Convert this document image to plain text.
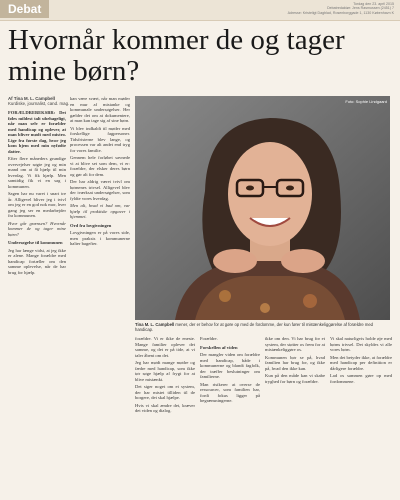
Debat	Tordag den 23. april 2015
Debatredaktør: Jens Rasmussen (2451) 7
Adresse: Kristeligt Dagblad, Rosenborggade 1, 1130 København K
Hvornår kommer de og tager mine børn?
Af Tina M. L. Campbell
Kurdiske, journalist, cand. mag.

FORÆLDREBEKSBR: Det føles mildest talt ubehageligt, når man selv er forælder med handicap og oplever, at man bliver mødt med mistro. Lige fra første dag, hvor jeg kom hjem med min nyfødte datter.

Efter flere måneders grundige overvejelser søgte jeg og min mand om at få hjælp til min hverdag. Vi fik hjælp. Men samtidig fik vi en sag i kommunen.

Sagen har nu varet i snart tre år. Alligevel bliver jeg i tvivl om jeg er en god nok mor, hver gang jeg ser en medarbejder fra kommunen.

Hvor går grænsen? Hvornår kommer de og tager mine børn?

Undersøgelse til kommunen

Jeg har længe vidst, at jeg ikke er alene. Mange forældre med handicap fortæller om den samme oplevelse, når de har brug for hjælp.

kan være svært, når man møder en mur af mistanke og kommunale undersøgelser. Her gælder det om at dokumentere, at man kan tage sig af sine børn.

Vi blev indkaldt til møder med forskellige fagpersoner. Tidsfristerne blev lange, og processen var alt andet end tryg for vores familie.

Gennem hele forløbet savnede vi at blive set som dem, vi er: forældre, der elsker deres børn og gør alt for dem.

Der har aldrig været tvivl om børnenes trivsel. Alligevel blev der iværksat undersøgelser, som fyldte vores hverdag.

Men alt, hvad vi bad om, var hjælp til praktiske opgaver i hjemmet.

Ord fra lovgivningen

Lovgivningen er på vores side, men praksis i kommunerne halter bagefter.

forældre. Vi er ikke de eneste. Mange familier oplever det samme, og det er på tide, at vi taler åbent om det.

Jeg har mødt mange mødre og fædre med handicap, som ikke tør søge hjælp af frygt for at blive mistænkt.

Det siger noget om et system, der har mistet tilliden til de borgere, det skal hjælpe.

Hvis vi skal ændre det, kræver det viden og dialog.

Forældre.

Forskellen af viden

Der mangler viden om forældre med handicap, både i kommunerne og blandt fagfolk, der træffer beslutninger om familierne.

Man risikerer at overse de ressourcer, som familien har, fordi fokus ligger på begrænsningerne.

ikke om den. Vi har brug for et system, der støtter os frem for at mistænkeliggøre os.

Kommunen bør se på, hvad familien har brug for, og ikke på, hvad den ikke kan.

Kun på den måde kan vi skabe tryghed for børn og forældre.

Vi skal naturligvis holde øje med børns trivsel. Det skyldes vi alle vores børn.

Men det betyder ikke, at forældre med handicap per definition er dårligere forældre.

Lad os sammen gøre op med fordommene.

Foto: Sophie Lindgaard
Tina M. L. Campbell mener, der er behov for at gøre op med de fordomme, der kun fører til mistænkeliggørelse af forældre med handicap.
